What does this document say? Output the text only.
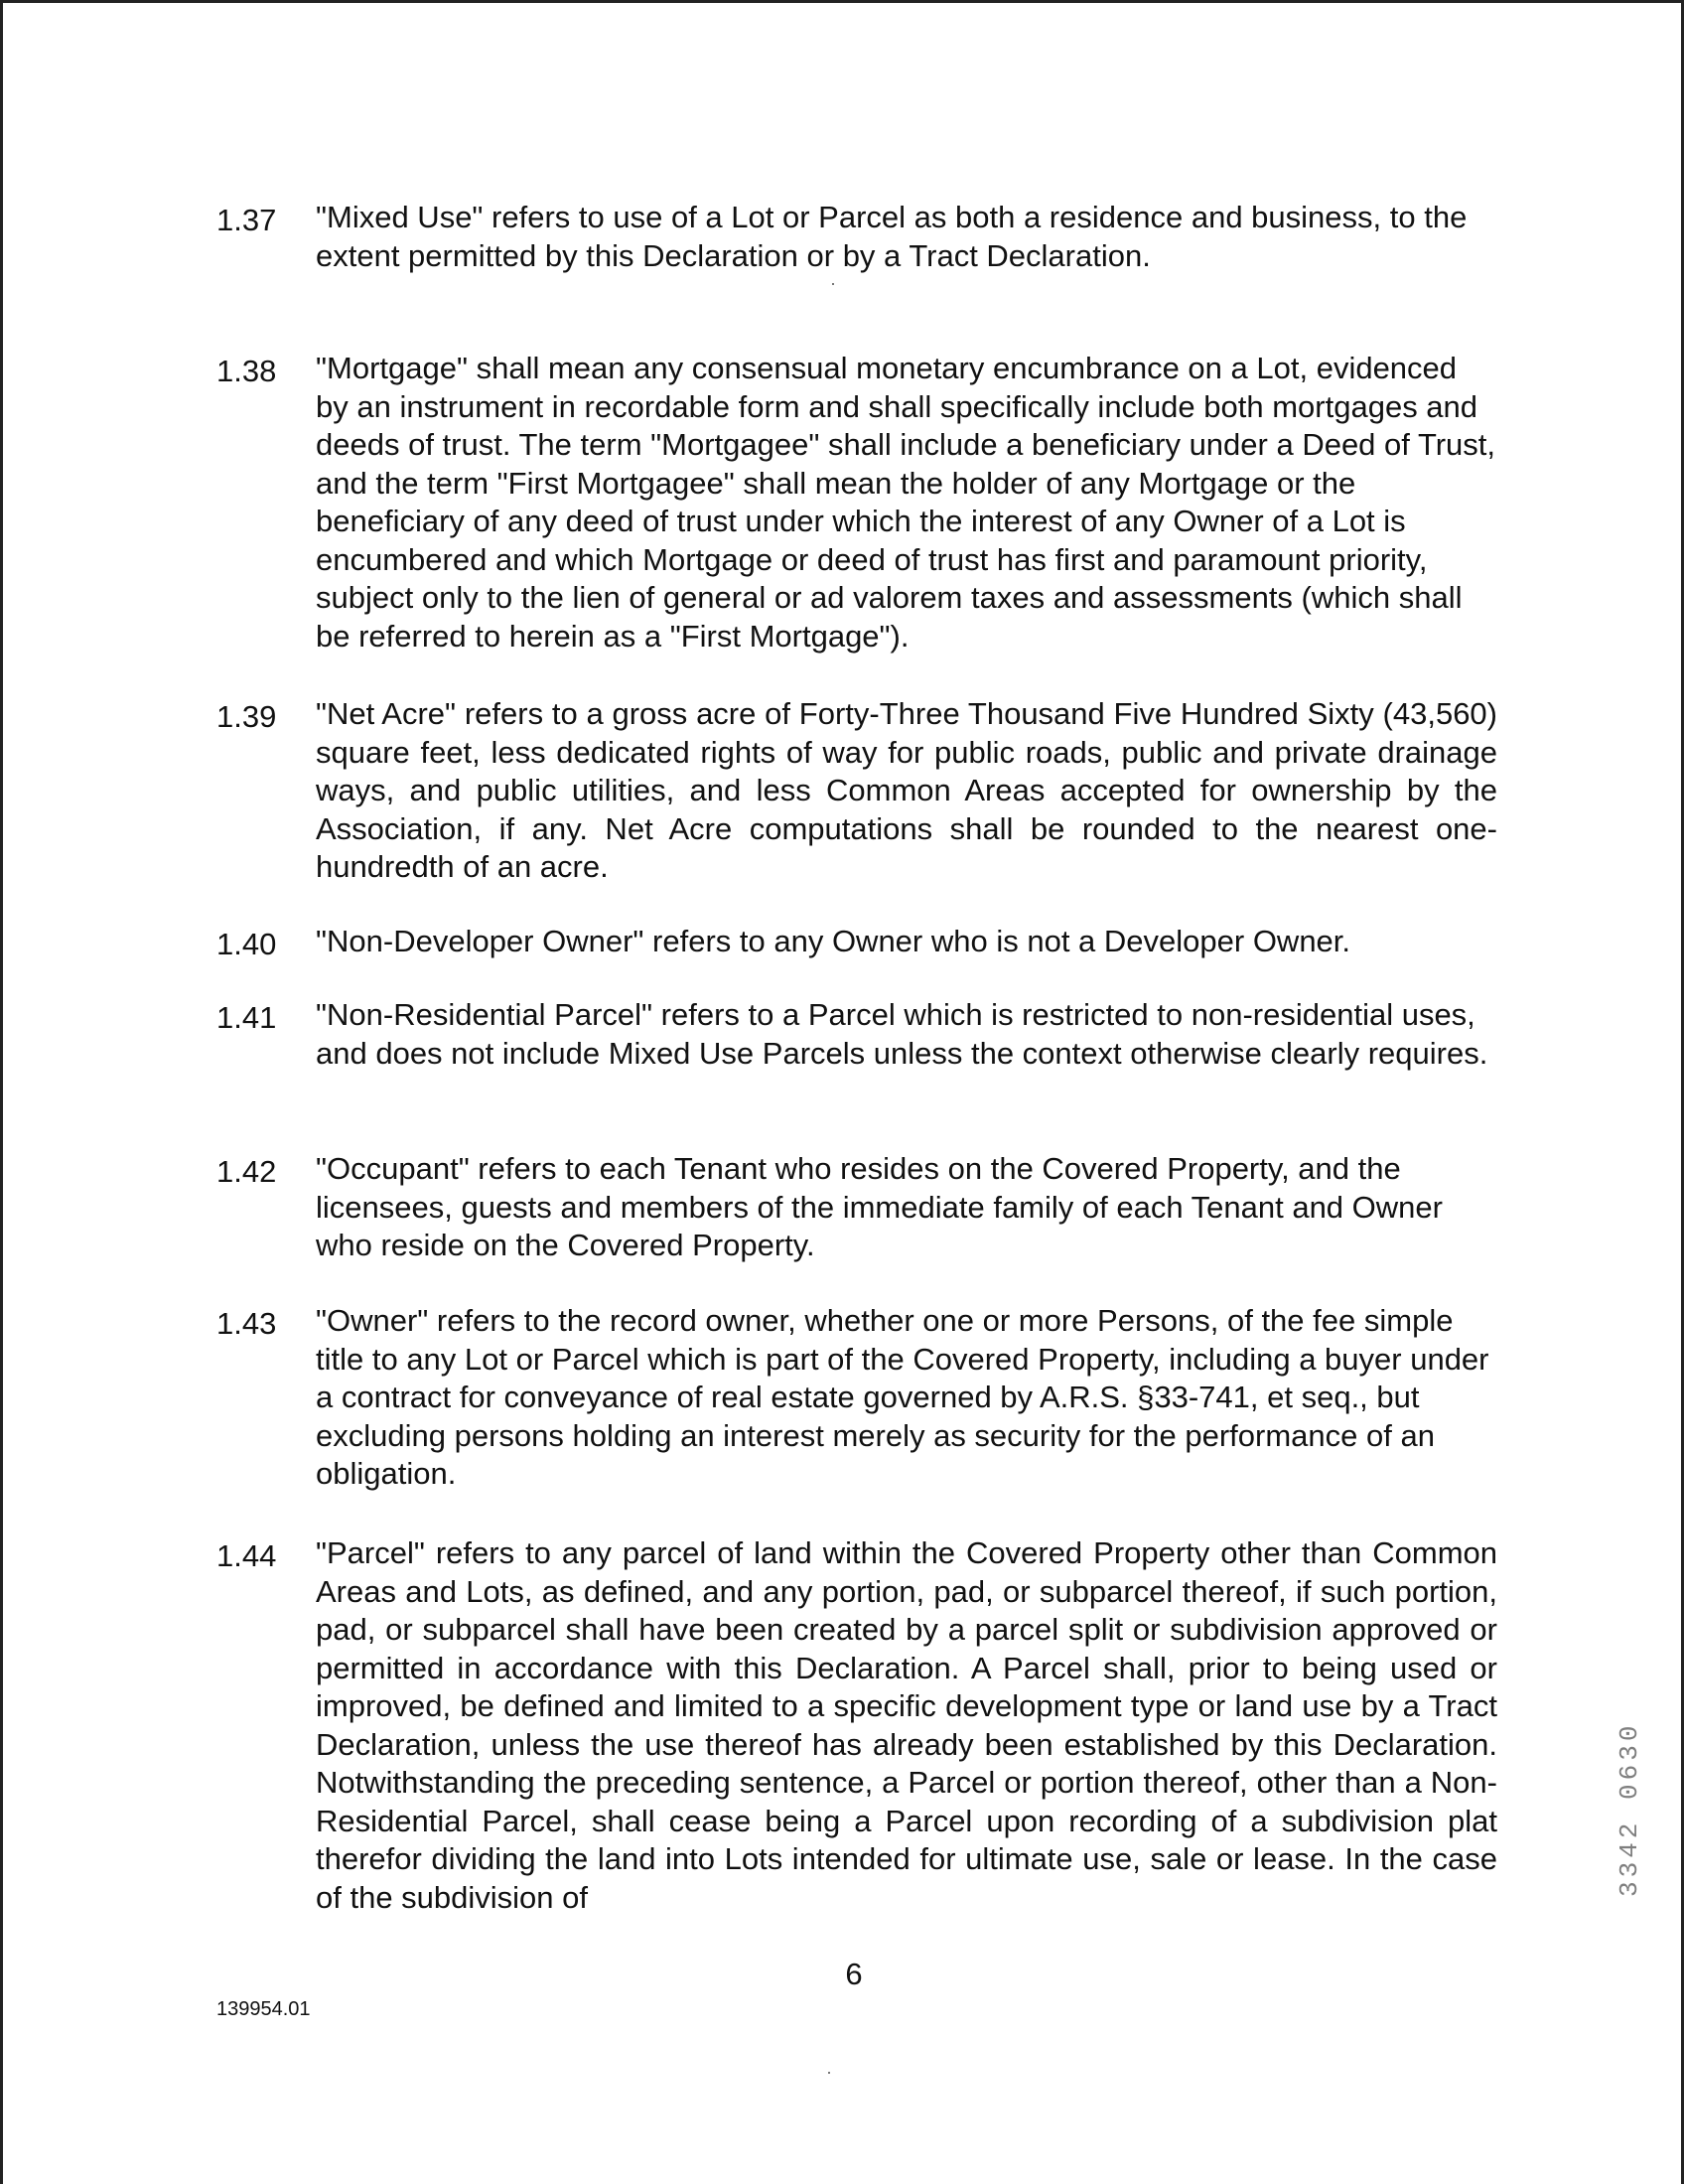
1.37	"Mixed Use" refers to use of a Lot or Parcel as both a residence and business, to the extent permitted by this Declaration or by a Tract Declaration.

1.38	"Mortgage" shall mean any consensual monetary encumbrance on a Lot, evidenced by an instrument in recordable form and shall specifically include both mortgages and deeds of trust. The term "Mortgagee" shall include a beneficiary under a Deed of Trust, and the term "First Mortgagee" shall mean the holder of any Mortgage or the beneficiary of any deed of trust under which the interest of any Owner of a Lot is encumbered and which Mortgage or deed of trust has first and paramount priority, subject only to the lien of general or ad valorem taxes and assessments (which shall be referred to herein as a "First Mortgage").

1.39	"Net Acre" refers to a gross acre of Forty-Three Thousand Five Hundred Sixty (43,560) square feet, less dedicated rights of way for public roads, public and private drainage ways, and public utilities, and less Common Areas accepted for ownership by the Association, if any. Net Acre computations shall be rounded to the nearest one-hundredth of an acre.

1.40	"Non-Developer Owner" refers to any Owner who is not a Developer Owner.

1.41	"Non-Residential Parcel" refers to a Parcel which is restricted to non-residential uses, and does not include Mixed Use Parcels unless the context otherwise clearly requires.

1.42	"Occupant" refers to each Tenant who resides on the Covered Property, and the licensees, guests and members of the immediate family of each Tenant and Owner who reside on the Covered Property.

1.43	"Owner" refers to the record owner, whether one or more Persons, of the fee simple title to any Lot or Parcel which is part of the Covered Property, including a buyer under a contract for conveyance of real estate governed by A.R.S. §33-741, et seq., but excluding persons holding an interest merely as security for the performance of an obligation.

1.44	"Parcel" refers to any parcel of land within the Covered Property other than Common Areas and Lots, as defined, and any portion, pad, or subparcel thereof, if such portion, pad, or subparcel shall have been created by a parcel split or subdivision approved or permitted in accordance with this Declaration. A Parcel shall, prior to being used or improved, be defined and limited to a specific development type or land use by a Tract Declaration, unless the use thereof has already been established by this Declaration. Notwithstanding the preceding sentence, a Parcel or portion thereof, other than a Non-Residential Parcel, shall cease being a Parcel upon recording of a subdivision plat therefor dividing the land into Lots intended for ultimate use, sale or lease. In the case of the subdivision of

6
139954.01
3342 0630
